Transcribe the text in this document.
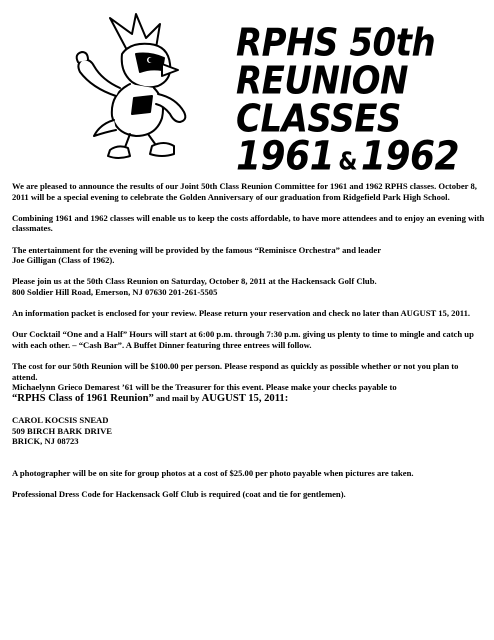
RPHS 50th
REUNION
CLASSES
1961 & 1962

We are pleased to announce the results of our Joint 50th Class Reunion Committee for 1961 and 1962 RPHS classes. October 8, 2011 will be a special evening to celebrate the Golden Anniversary of our graduation from Ridgefield Park High School.

Combining 1961 and 1962 classes will enable us to keep the costs affordable, to have more attendees and to enjoy an evening with classmates.

The entertainment for the evening will be provided by the famous “Reminisce Orchestra” and leader
Joe Gilligan (Class of 1962).

Please join us at the 50th Class Reunion on Saturday, October 8, 2011 at the Hackensack Golf Club.
800 Soldier Hill Road, Emerson, NJ 07630 201-261-5505

An information packet is enclosed for your review. Please return your reservation and check no later than AUGUST 15, 2011.

Our Cocktail “One and a Half” Hours will start at 6:00 p.m. through 7:30 p.m. giving us plenty to time to mingle and catch up with each other. – “Cash Bar”. A Buffet Dinner featuring three entrees will follow.

The cost for our 50th Reunion will be $100.00 per person. Please respond as quickly as possible whether or not you plan to attend.
Michaelynn Grieco Demarest ’61 will be the Treasurer for this event. Please make your checks payable to
“RPHS Class of 1961 Reunion” and mail by AUGUST 15, 2011:

CAROL KOCSIS SNEAD
509 BIRCH BARK DRIVE
BRICK, NJ 08723

A photographer will be on site for group photos at a cost of $25.00 per photo payable when pictures are taken.

Professional Dress Code for Hackensack Golf Club is required (coat and tie for gentlemen).
